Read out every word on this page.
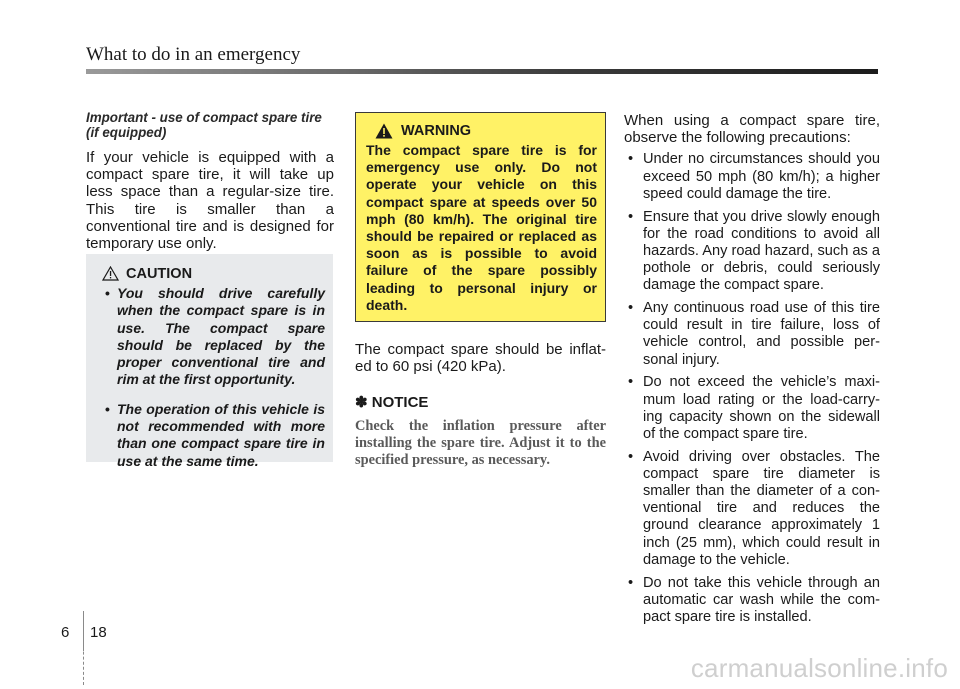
What to do in an emergency
Important - use of compact spare tire
(if equipped)

If your vehicle is equipped with a compact spare tire, it will take up less space than a regular-size tire. This tire is smaller than a conventional tire and is designed for temporary use only.

CAUTION
• You should drive carefully when the compact spare is in use. The compact spare should be replaced by the proper conventional tire and rim at the first opportunity.
• The operation of this vehicle is not recommended with more than one compact spare tire in use at the same time.
WARNING

The compact spare tire is for emergency use only. Do not operate your vehicle on this compact spare at speeds over 50 mph (80 km/h). The original tire should be repaired or replaced as soon as is possible to avoid failure of the spare possibly leading to personal injury or death.

The compact spare should be inflat-ed to 60 psi (420 kPa).

✽ NOTICE

Check the inflation pressure after installing the spare tire. Adjust it to the specified pressure, as necessary.

When using a compact spare tire, observe the following precautions:

• Under no circumstances should you exceed 50 mph (80 km/h); a higher speed could damage the tire.
• Ensure that you drive slowly enough for the road conditions to avoid all hazards. Any road hazard, such as a pothole or debris, could seriously damage the compact spare.
• Any continuous road use of this tire could result in tire failure, loss of vehicle control, and possible per-sonal injury.
• Do not exceed the vehicle’s maxi-mum load rating or the load-carry-ing capacity shown on the sidewall of the compact spare tire.
• Avoid driving over obstacles. The compact spare tire diameter is smaller than the diameter of a con-ventional tire and reduces the ground clearance approximately 1 inch (25 mm), which could result in damage to the vehicle.
• Do not take this vehicle through an automatic car wash while the com-pact spare tire is installed.
6 18
carmanualsonline.info
